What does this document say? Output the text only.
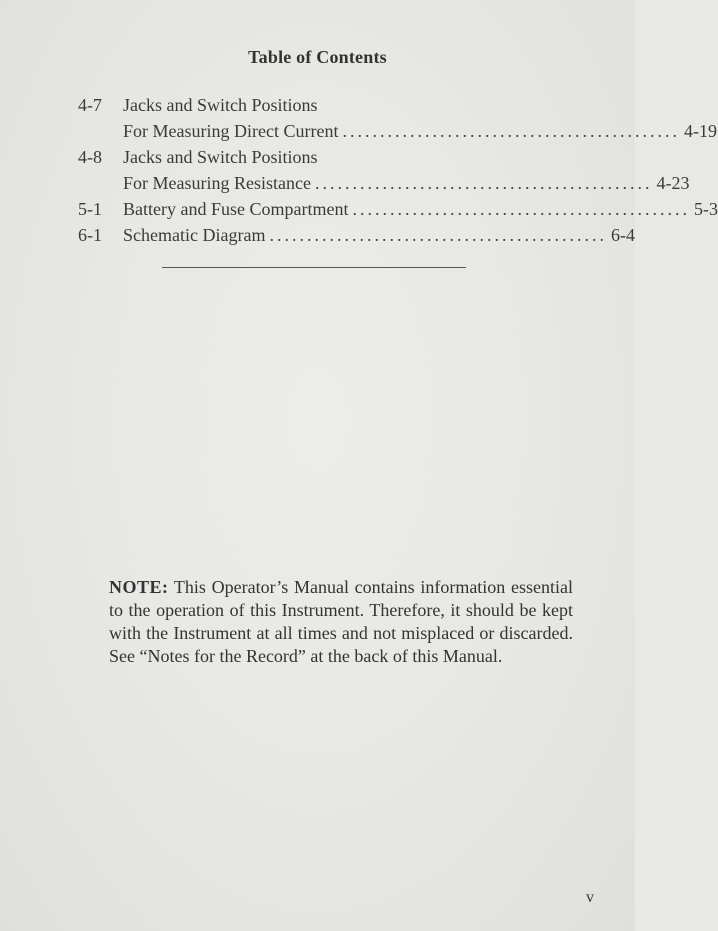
Table of Contents
4-7	Jacks and Switch Positions
For Measuring Direct Current ............................................. 4-19
4-8	Jacks and Switch Positions
For Measuring Resistance ............................................. 4-23
5-1	Battery and Fuse Compartment ............................................. 5-3
6-1	Schematic Diagram ............................................. 6-4
NOTE: This Operator’s Manual contains information essential to the operation of this Instrument. Therefore, it should be kept with the Instrument at all times and not misplaced or discarded. See “Notes for the Record” at the back of this Manual.
v
